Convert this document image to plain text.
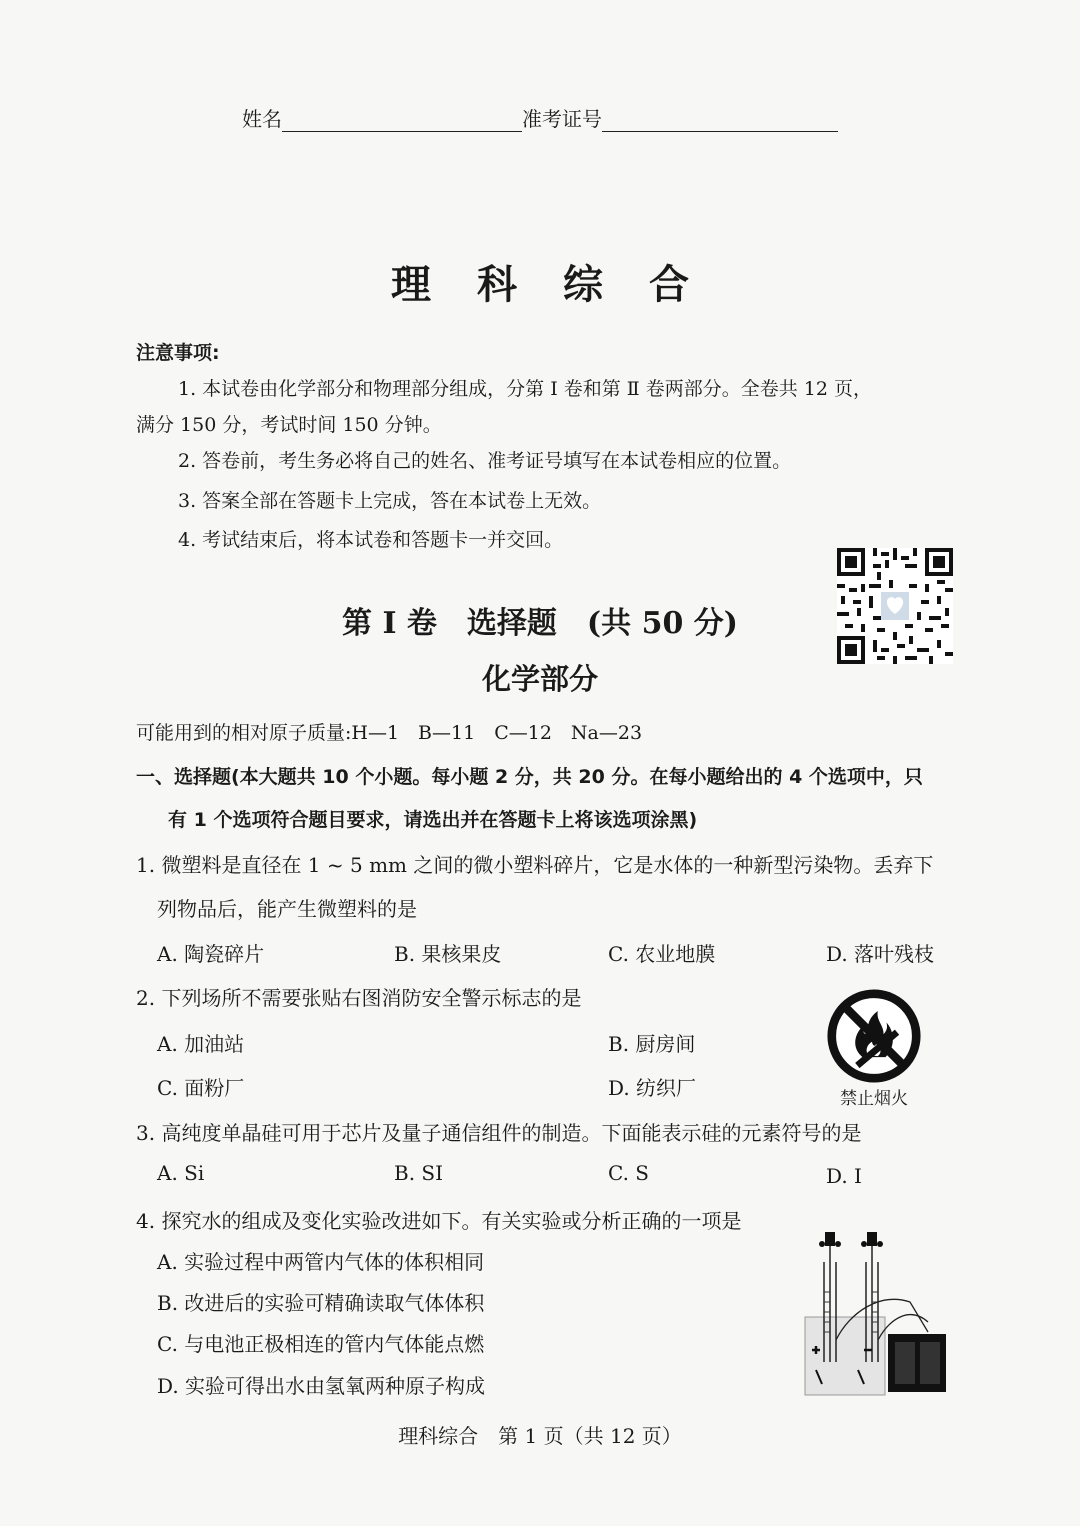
姓名	准考证号
理科综合
注意事项:
1. 本试卷由化学部分和物理部分组成，分第 Ⅰ 卷和第 Ⅱ 卷两部分。全卷共 12 页，
满分 150 分，考试时间 150 分钟。
2. 答卷前，考生务必将自己的姓名、准考证号填写在本试卷相应的位置。
3. 答案全部在答题卡上完成，答在本试卷上无效。
4. 考试结束后，将本试卷和答题卡一并交回。
第 Ⅰ 卷　选择题　(共 50 分)
化学部分
可能用到的相对原子质量:H—1　B—11　C—12　Na—23
一、选择题(本大题共 10 个小题。每小题 2 分，共 20 分。在每小题给出的 4 个选项中，只
有 1 个选项符合题目要求，请选出并在答题卡上将该选项涂黑)
1. 微塑料是直径在 1 ~ 5 mm 之间的微小塑料碎片，它是水体的一种新型污染物。丢弃下
列物品后，能产生微塑料的是
A. 陶瓷碎片	B. 果核果皮	C. 农业地膜	D. 落叶残枝
2. 下列场所不需要张贴右图消防安全警示标志的是
A. 加油站	B. 厨房间
C. 面粉厂	D. 纺织厂	禁止烟火
3. 高纯度单晶硅可用于芯片及量子通信组件的制造。下面能表示硅的元素符号的是
A. Si	B. SI	C. S	D. I
4. 探究水的组成及变化实验改进如下。有关实验或分析正确的一项是
A. 实验过程中两管内气体的体积相同
B. 改进后的实验可精确读取气体体积
C. 与电池正极相连的管内气体能点燃
D. 实验可得出水由氢氧两种原子构成
理科综合　第 1 页（共 12 页）
